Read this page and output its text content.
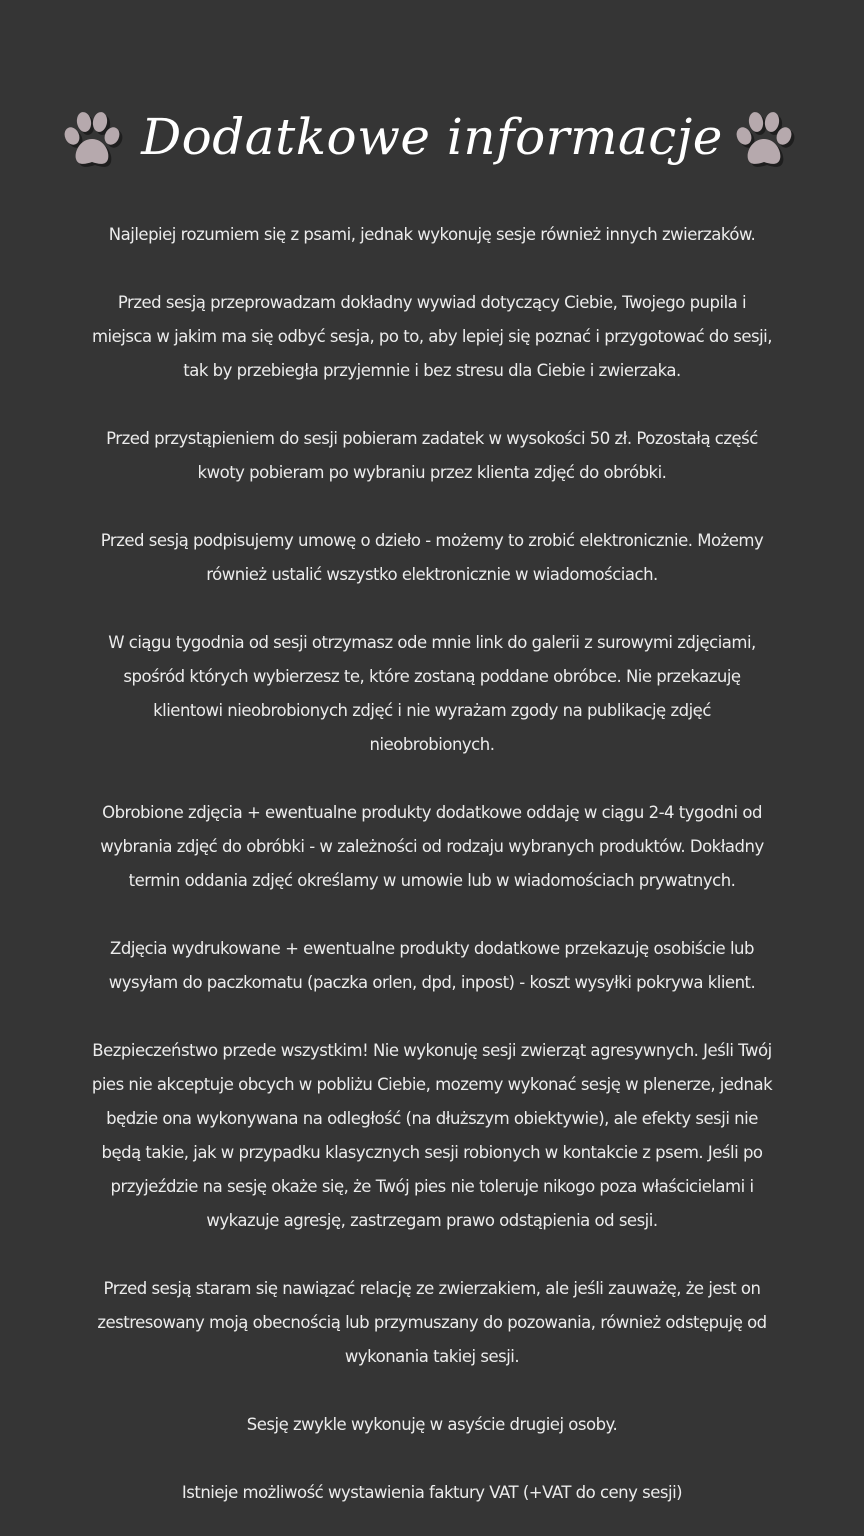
Dodatkowe informacje

Najlepiej rozumiem się z psami, jednak wykonuję sesje również innych zwierzaków.

Przed sesją przeprowadzam dokładny wywiad dotyczący Ciebie, Twojego pupila i miejsca w jakim ma się odbyć sesja, po to, aby lepiej się poznać i przygotować do sesji, tak by przebiegła przyjemnie i bez stresu dla Ciebie i zwierzaka.

Przed przystąpieniem do sesji pobieram zadatek w wysokości 50 zł. Pozostałą część kwoty pobieram po wybraniu przez klienta zdjęć do obróbki.

Przed sesją podpisujemy umowę o dzieło - możemy to zrobić elektronicznie. Możemy również ustalić wszystko elektronicznie w wiadomościach.

W ciągu tygodnia od sesji otrzymasz ode mnie link do galerii z surowymi zdjęciami, spośród których wybierzesz te, które zostaną poddane obróbce. Nie przekazuję klientowi nieobrobionych zdjęć i nie wyrażam zgody na publikację zdjęć nieobrobionych.

Obrobione zdjęcia + ewentualne produkty dodatkowe oddaję w ciągu 2-4 tygodni od wybrania zdjęć do obróbki - w zależności od rodzaju wybranych produktów. Dokładny termin oddania zdjęć określamy w umowie lub w wiadomościach prywatnych.

Zdjęcia wydrukowane + ewentualne produkty dodatkowe przekazuję osobiście lub wysyłam do paczkomatu (paczka orlen, dpd, inpost) - koszt wysyłki pokrywa klient.

Bezpieczeństwo przede wszystkim! Nie wykonuję sesji zwierząt agresywnych. Jeśli Twój pies nie akceptuje obcych w pobliżu Ciebie, mozemy wykonać sesję w plenerze, jednak będzie ona wykonywana na odległość (na dłuższym obiektywie), ale efekty sesji nie będą takie, jak w przypadku klasycznych sesji robionych w kontakcie z psem. Jeśli po przyjeździe na sesję okaże się, że Twój pies nie toleruje nikogo poza właścicielami i wykazuje agresję, zastrzegam prawo odstąpienia od sesji.

Przed sesją staram się nawiązać relację ze zwierzakiem, ale jeśli zauważę, że jest on zestresowany moją obecnością lub przymuszany do pozowania, również odstępuję od wykonania takiej sesji.

Sesję zwykle wykonuję w asyście drugiej osoby.

Istnieje możliwość wystawienia faktury VAT (+VAT do ceny sesji)
